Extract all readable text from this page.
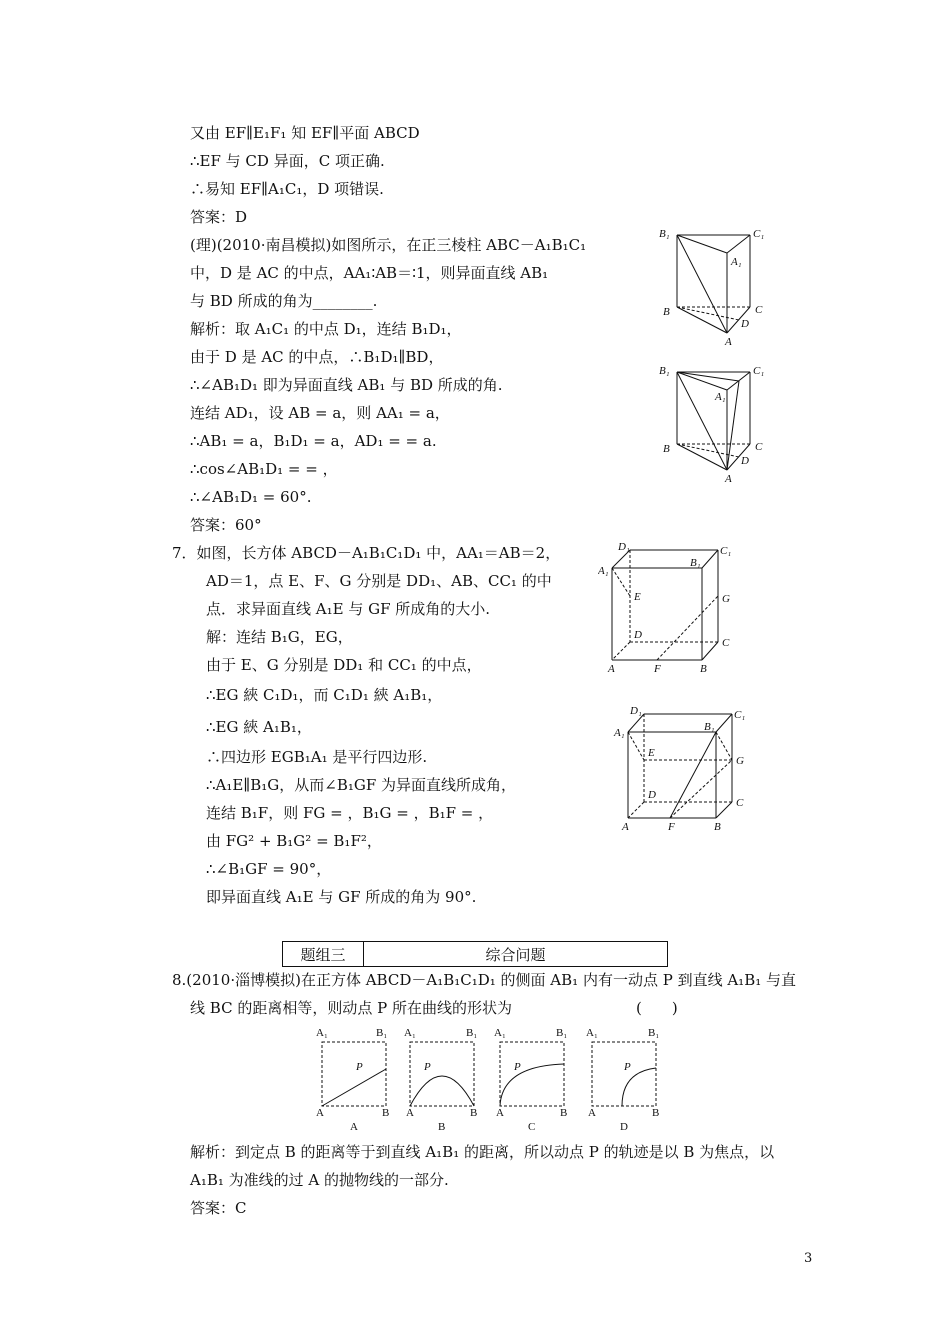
又由 EF∥E₁F₁ 知 EF∥平面 ABCD
∴EF 与 CD 异面，C 项正确.
∴易知 EF∥A₁C₁，D 项错误.
答案：D
(理)(2010·南昌模拟)如图所示，在正三棱柱 ABC－A₁B₁C₁
中，D 是 AC 的中点，AA₁∶AB＝∶1，则异面直线 AB₁
与 BD 所成的角为________.
解析：取 A₁C₁ 的中点 D₁，连结 B₁D₁，
由于 D 是 AC 的中点，∴B₁D₁∥BD，
∴∠AB₁D₁ 即为异面直线 AB₁ 与 BD 所成的角.
连结 AD₁，设 AB = a，则 AA₁ = a，
∴AB₁ = a，B₁D₁ = a，AD₁ = = a.
∴cos∠AB₁D₁ = = ，
∴∠AB₁D₁ = 60°.
答案：60°
7．如图，长方体 ABCD－A₁B₁C₁D₁ 中，AA₁＝AB＝2，
AD＝1，点 E、F、G 分别是 DD₁、AB、CC₁ 的中
点．求异面直线 A₁E 与 GF 所成角的大小.
解：连结 B₁G，EG，
由于 E、G 分别是 DD₁ 和 CC₁ 的中点，
∴EG 綊 C₁D₁，而 C₁D₁ 綊 A₁B₁，
∴EG 綊 A₁B₁，
∴四边形 EGB₁A₁ 是平行四边形.
∴A₁E∥B₁G，从而∠B₁GF 为异面直线所成角，
连结 B₁F，则 FG = ，B₁G = ，B₁F = ，
由 FG² + B₁G² = B₁F²，
∴∠B₁GF = 90°，
即异面直线 A₁E 与 GF 所成的角为 90°.
题组三	综合问题
8.(2010·淄博模拟)在正方体 ABCD－A₁B₁C₁D₁ 的侧面 AB₁ 内有一动点 P 到直线 A₁B₁ 与直
线 BC 的距离相等，则动点 P 所在曲线的形状为	(　　)
解析：到定点 B 的距离等于到直线 A₁B₁ 的距离，所以动点 P 的轨迹是以 B 为焦点，以
A₁B₁ 为准线的过 A 的抛物线的一部分.
答案：C
B₁	C₁
A₁
B	C
D
A
B₁	C₁
A₁
B	C
D
A
D₁	C₁
A₁
B₁
E	G
D
C
A	F	B
D₁	C₁
A₁	B₁
E
G
D
C
A	F	B
A₁	B₁
P
A	B
A
A₁	B₁
P
A	B
B
A₁	B₁
P
A	B
C
A₁	B₁
P
A	B
D
3
